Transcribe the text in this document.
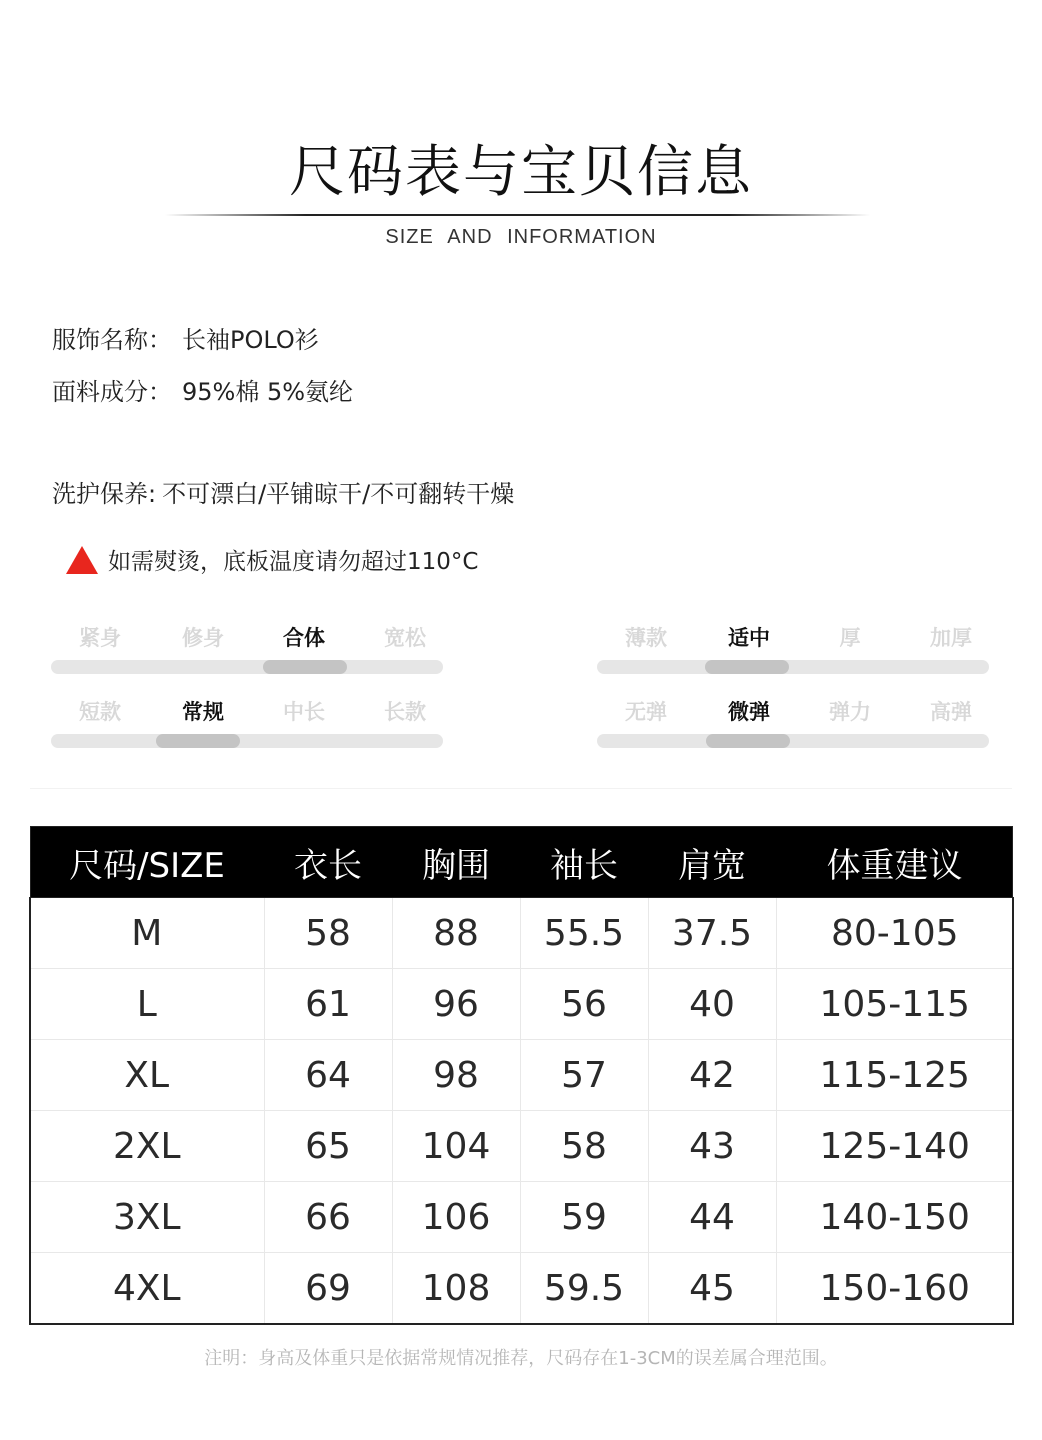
尺码表与宝贝信息
SIZE AND INFORMATION
服饰名称： 长袖POLO衫
面料成分： 95%棉 5%氨纶
洗护保养: 不可漂白/平铺晾干/不可翻转干燥
如需熨烫，底板温度请勿超过110°C
紧身	修身	合体	宽松	薄款	适中	厚	加厚
短款	常规	中长	长款	无弹	微弹	弹力	高弹
尺码/SIZE	衣长	胸围	袖长	肩宽	体重建议
M	58	88	55.5	37.5	80-105
L	61	96	56	40	105-115
XL	64	98	57	42	115-125
2XL	65	104	58	43	125-140
3XL	66	106	59	44	140-150
4XL	69	108	59.5	45	150-160
注明：身高及体重只是依据常规情况推荐，尺码存在1-3CM的误差属合理范围。
